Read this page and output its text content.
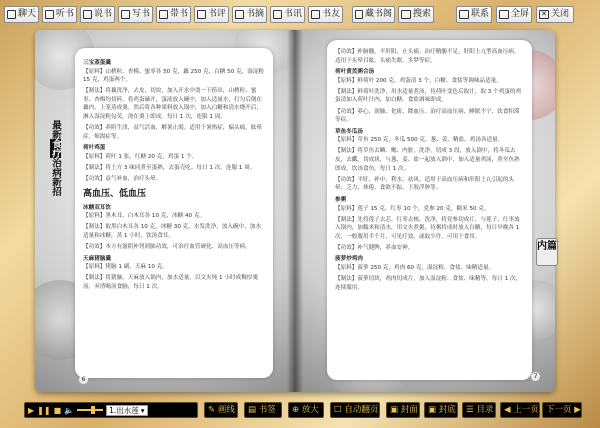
聊天 听书 说书 写书 带书 书评 书摘 书讯 书友	藏书阁 搜索	联系 全屏 ✕ 关闭
最新食疗治病新招
三宝蒸蛋羹

【原料】山楂粒、杏梅、蜜枣各 50 克，藕 250 克，白糖 50 克，湿淀粉 15 克，鸡蛋两个。

【制法】将藕洗净，去皮，切块，加入开水中烫一下捞出，山楂粒、蜜枣、杏梅均切碎。将鸡蛋磕开，蛋液放入碗中，加入适量水，打匀后倒在藕内，上笼蒸成羹。然后将各种果料放入锅中，加入白糖和清水烧开后，淋入湿淀粉勾芡，浇在羹上即成。每日 1 次，连服 1 周。

【功效】养阴生津，益气活血，解暑止渴。适用于暑热症，偏头痛，眩晕症，烦渴症等。

荷叶鸡蛋

【原料】荷叶 1 张，红糖 20 克，鸡蛋 1 个。

【制法】将上方 3 味同煮至蛋熟，去蛋壳吃。每日 1 次，连服 1 周。

【功效】益气补血，治疗头晕。

高血压、低血压
冰糖双耳饮

【原料】黑木耳、白木耳各 10 克，冰糖 40 克。

【制法】取黑白木耳各 10 克，冰糖 30 克，水发洗净，放入碗中，加水适量和冰糖，蒸 1 小时，饮汤食耳。

【功效】本方有滋阴补肾润肺功效，可治疗血管硬化、高血压等病。

天麻猪脑羹

【原料】猪脑 1 副，天麻 10 克。

【制法】将猪脑、天麻放入锅内，加水适量，以文火炖 1 小时成稠厚羹汤，弃渣喝汤食脑，每日 1 次。

6

【功效】补脑髓，平肝阳，止头痛。治疗精髓不足，肝阳上亢型高血压病。适用于头晕目眩，头痛失眠，多梦等症。

荷叶黄芪粥合汤

【原料】鲜荷叶 200 克，鸡蛋清 3 个，白糖、食盐等调味品适量。

【制法】鲜荷叶洗净，用水适量煮汤，待荷叶变色后取汁，取 3 个鸡蛋的鸡蛋清加入荷叶汁内，加白糖、食盐调味即成。

【功效】养心、润肺、化痰、降血压。治疗高血压病，睡眠不宁、饮食积滞等症。

草鱼冬瓜汤

【原料】草鱼 250 克，冬瓜 500 克，葱、姜、精盐、鸡汤各适量。

【制法】将草鱼去鳞、鳃、内脏，洗净，切成 3 段，放入锅中，将冬瓜去皮、去瓤，切成块，与葱、姜、盐一起放入锅中，加入适量鸡汤，煮至鱼熟即成。饮汤食鱼，每日 1 次。

【功效】平肝、补中、利水、祛风。适用于高血压病和肝阳上亢引起的头晕、乏力、体倦、食欲不振、下肢浮肿等。

参粥

【原料】莲子 15 克，红枣 10 个，党参 20 克，糯米 50 克。

【制法】先将莲子去芯，红枣去核，洗净，将党参切成片，与莲子、红枣放入锅内，加糯米和清水，用文火煮粥，待粥将成时放入白糖，每日早晚各 1 次，一般服用半个月，可见疗效，或取少许，可用于食用。

【功效】补气健脾，养血安神。

菠萝炒鸡肉

【原料】菠萝 250 克，鸡肉 60 克，湿淀粉、食盐、味精适量。

【制法】菠萝切块，鸡肉切成片，加入湿淀粉、食盐、味精等，每日 1 次，连续服用。

7
内篇
▶ ❚❚ ■ 🔈	1.出水莲 ▾	✎
画线 ▤
书签 ⊕
放大 ☐
自动翻页 ▣
封面 ▣
封底 ☰
目录 ◀
上一页 下一页
▶
